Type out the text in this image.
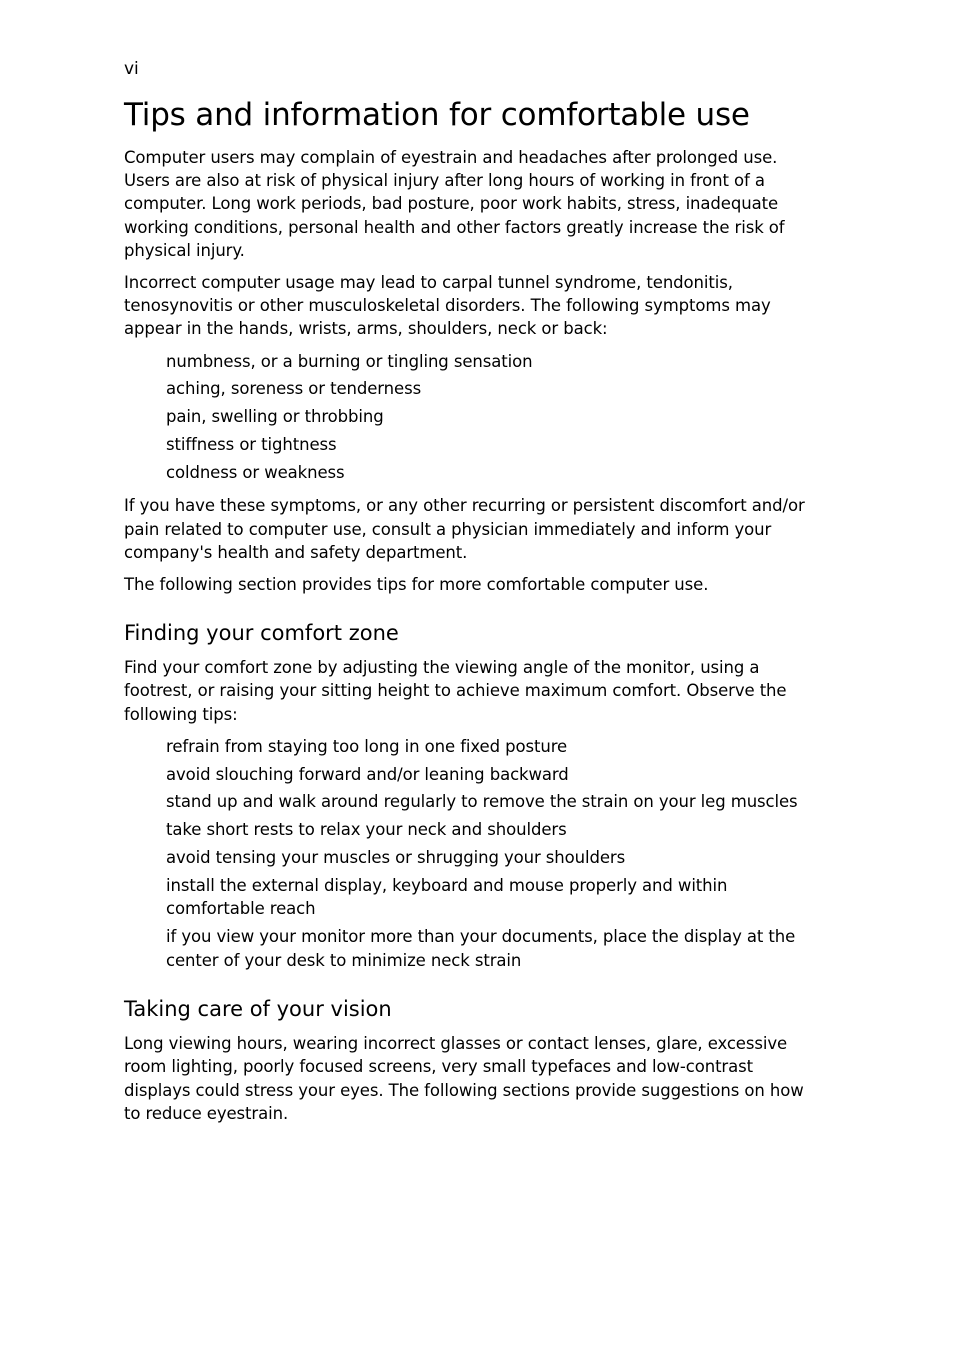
vi
Tips and information for comfortable use

Computer users may complain of eyestrain and headaches after prolonged use. Users are also at risk of physical injury after long hours of working in front of a computer. Long work periods, bad posture, poor work habits, stress, inadequate working conditions, personal health and other factors greatly increase the risk of physical injury.

Incorrect computer usage may lead to carpal tunnel syndrome, tendonitis, tenosynovitis or other musculoskeletal disorders. The following symptoms may appear in the hands, wrists, arms, shoulders, neck or back:

numbness, or a burning or tingling sensation
aching, soreness or tenderness
pain, swelling or throbbing
stiffness or tightness
coldness or weakness

If you have these symptoms, or any other recurring or persistent discomfort and/or pain related to computer use, consult a physician immediately and inform your company's health and safety department.

The following section provides tips for more comfortable computer use.

Finding your comfort zone

Find your comfort zone by adjusting the viewing angle of the monitor, using a footrest, or raising your sitting height to achieve maximum comfort. Observe the following tips:

refrain from staying too long in one fixed posture
avoid slouching forward and/or leaning backward
stand up and walk around regularly to remove the strain on your leg muscles
take short rests to relax your neck and shoulders
avoid tensing your muscles or shrugging your shoulders
install the external display, keyboard and mouse properly and within comfortable reach
if you view your monitor more than your documents, place the display at the center of your desk to minimize neck strain
Taking care of your vision

Long viewing hours, wearing incorrect glasses or contact lenses, glare, excessive room lighting, poorly focused screens, very small typefaces and low-contrast displays could stress your eyes. The following sections provide suggestions on how to reduce eyestrain.
